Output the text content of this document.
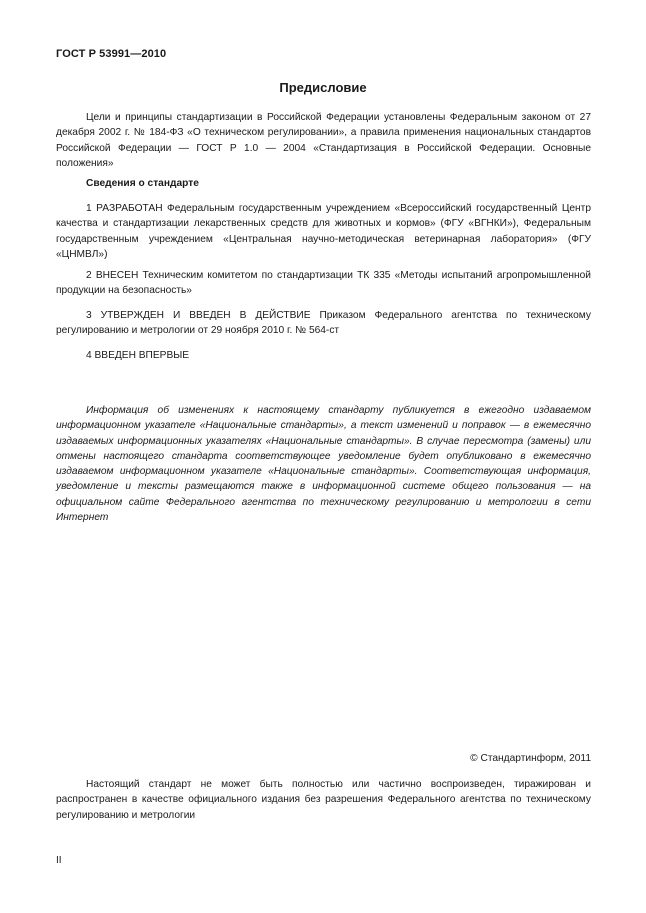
ГОСТ Р 53991—2010
Предисловие

Цели и принципы стандартизации в Российской Федерации установлены Федеральным законом от 27 декабря 2002 г. № 184-ФЗ «О техническом регулировании», а правила применения национальных стандартов Российской Федерации — ГОСТ Р 1.0 — 2004 «Стандартизация в Российской Федерации. Основные положения»

Сведения о стандарте

1 РАЗРАБОТАН Федеральным государственным учреждением «Всероссийский государственный Центр качества и стандартизации лекарственных средств для животных и кормов» (ФГУ «ВГНКИ»), Федеральным государственным учреждением «Центральная научно-методическая ветеринарная лаборатория» (ФГУ «ЦНМВЛ»)

2 ВНЕСЕН Техническим комитетом по стандартизации ТК 335 «Методы испытаний агропромышленной продукции на безопасность»

3 УТВЕРЖДЕН И ВВЕДЕН В ДЕЙСТВИЕ Приказом Федерального агентства по техническому регулированию и метрологии от 29 ноября 2010 г. № 564-ст

4 ВВЕДЕН ВПЕРВЫЕ

Информация об изменениях к настоящему стандарту публикуется в ежегодно издаваемом информационном указателе «Национальные стандарты», а текст изменений и поправок — в ежемесячно издаваемых информационных указателях «Национальные стандарты». В случае пересмотра (замены) или отмены настоящего стандарта соответствующее уведомление будет опубликовано в ежемесячно издаваемом информационном указателе «Национальные стандарты». Соответствующая информация, уведомление и тексты размещаются также в информационной системе общего пользования — на официальном сайте Федерального агентства по техническому регулированию и метрологии в сети Интернет

© Стандартинформ, 2011

Настоящий стандарт не может быть полностью или частично воспроизведен, тиражирован и распространен в качестве официального издания без разрешения Федерального агентства по техническому регулированию и метрологии

II
